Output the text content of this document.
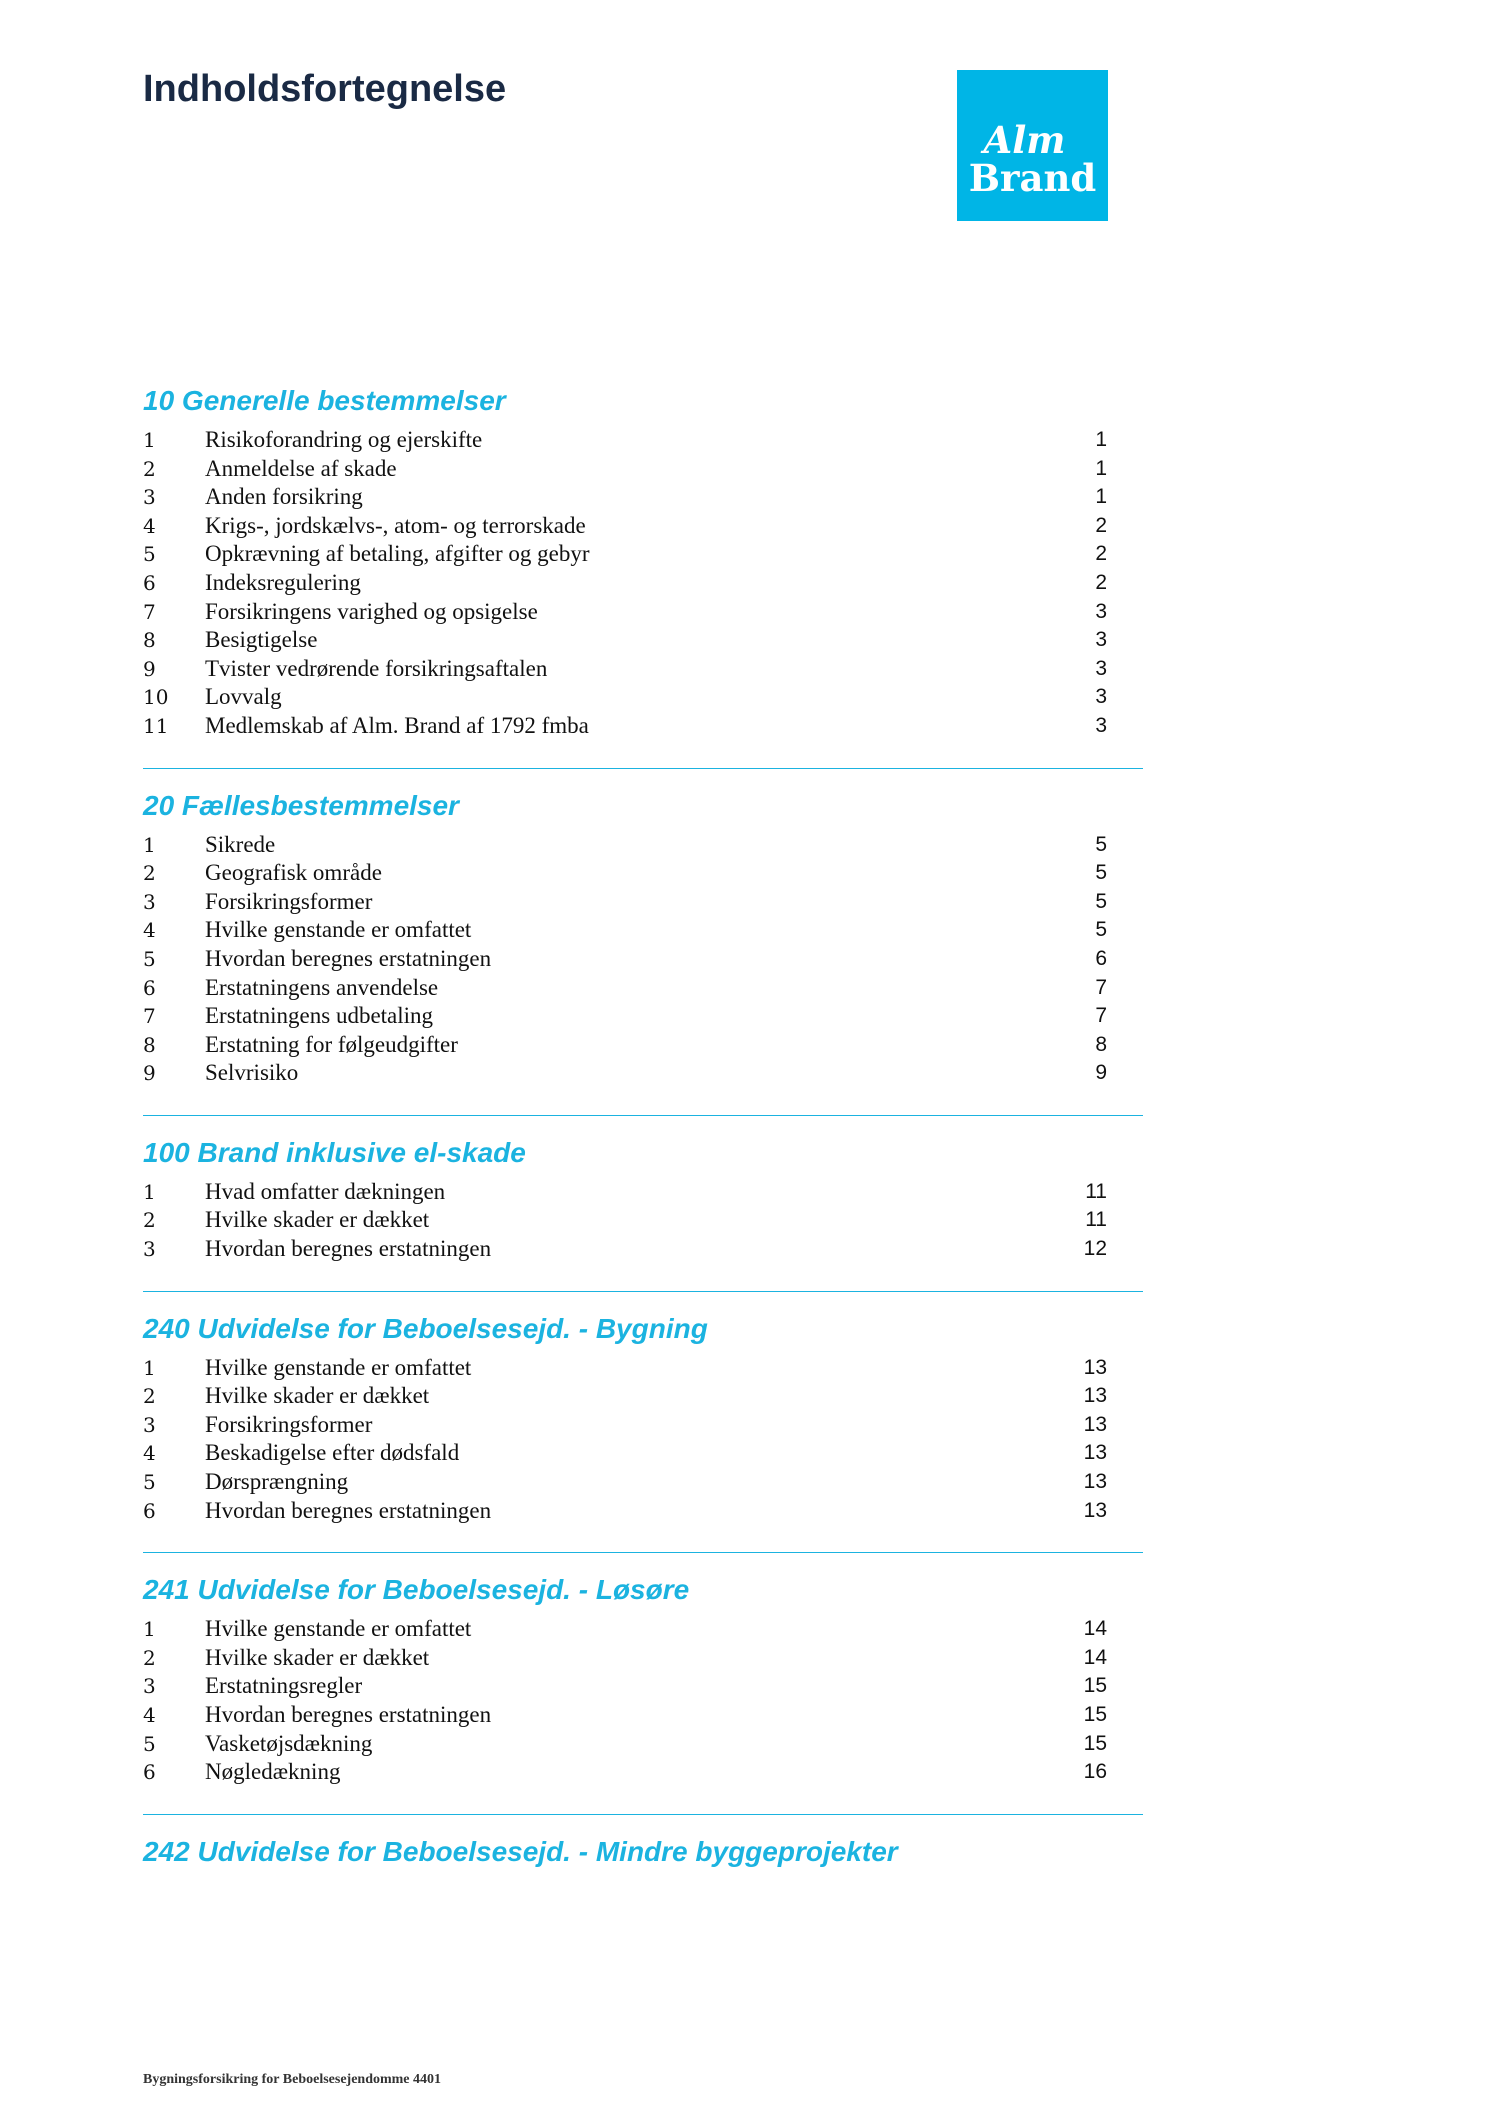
Indholdsfortegnelse
Alm
Brand
10 Generelle bestemmelser
1 Risikoforandring og ejerskifte	1
2 Anmeldelse af skade	1
3 Anden forsikring	1
4 Krigs-, jordskælvs-, atom- og terrorskade	2
5 Opkrævning af betaling, afgifter og gebyr	2
6 Indeksregulering	2
7 Forsikringens varighed og opsigelse	3
8 Besigtigelse	3
9 Tvister vedrørende forsikringsaftalen	3
10 Lovvalg	3
11 Medlemskab af Alm. Brand af 1792 fmba	3
20 Fællesbestemmelser
1 Sikrede	5
2 Geografisk område	5
3 Forsikringsformer	5
4 Hvilke genstande er omfattet	5
5 Hvordan beregnes erstatningen	6
6 Erstatningens anvendelse	7
7 Erstatningens udbetaling	7
8 Erstatning for følgeudgifter	8
9 Selvrisiko	9
100 Brand inklusive el-skade
1 Hvad omfatter dækningen	11
2 Hvilke skader er dækket	11
3 Hvordan beregnes erstatningen	12
240 Udvidelse for Beboelsesejd. - Bygning
1 Hvilke genstande er omfattet	13
2 Hvilke skader er dækket	13
3 Forsikringsformer	13
4 Beskadigelse efter dødsfald	13
5 Dørsprængning	13
6 Hvordan beregnes erstatningen	13
241 Udvidelse for Beboelsesejd. - Løsøre
1 Hvilke genstande er omfattet	14
2 Hvilke skader er dækket	14
3 Erstatningsregler	15
4 Hvordan beregnes erstatningen	15
5 Vasketøjsdækning	15
6 Nøgledækning	16
242 Udvidelse for Beboelsesejd. - Mindre byggeprojekter
Bygningsforsikring for Beboelsesejendomme 4401
